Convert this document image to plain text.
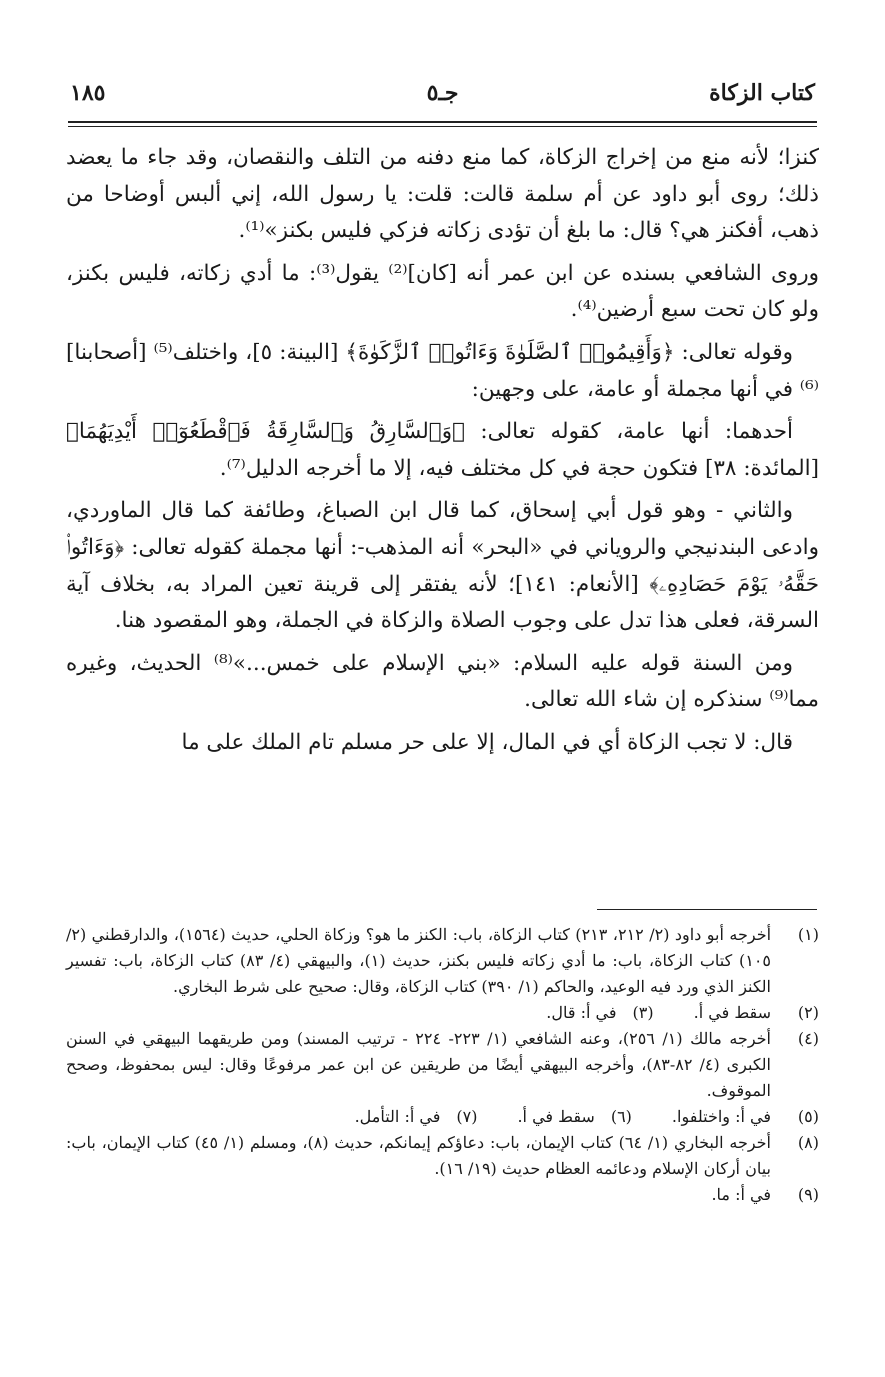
كتاب الزكاة
جـ٥
١٨٥

كنزا؛ لأنه منع من إخراج الزكاة، كما منع دفنه من التلف والنقصان، وقد جاء ما يعضد ذلك؛ روى أبو داود عن أم سلمة قالت: قلت: يا رسول الله، إني ألبس أوضاحا من ذهب، أفكنز هي؟ قال: ما بلغ أن تؤدى زكاته فزكي فليس بكنز»⁽¹⁾.

وروى الشافعي بسنده عن ابن عمر أنه [كان]⁽²⁾ يقول⁽³⁾: ما أدي زكاته، فليس بكنز، ولو كان تحت سبع أرضين⁽⁴⁾.

وقوله تعالى: ﴿وَأَقِيمُوا۟ ٱلصَّلَوٰةَ وَءَاتُوا۟ ٱلزَّكَوٰةَ﴾ [البينة: ٥]، واختلف⁽⁵⁾ [أصحابنا]⁽⁶⁾ في أنها مجملة أو عامة، على وجهين:

أحدهما: أنها عامة، كقوله تعالى: ﴿وَٱلسَّارِقُ وَٱلسَّارِقَةُ فَٱقْطَعُوٓا۟ أَيْدِيَهُمَا﴾ [المائدة: ٣٨] فتكون حجة في كل مختلف فيه، إلا ما أخرجه الدليل⁽⁷⁾.

والثاني - وهو قول أبي إسحاق، كما قال ابن الصباغ، وطائفة كما قال الماوردي، وادعى البندنيجي والروياني في «البحر» أنه المذهب-: أنها مجملة كقوله تعالى: ﴿وَءَاتُوا۟ حَقَّهُۥ يَوْمَ حَصَادِهِۦ﴾ [الأنعام: ١٤١]؛ لأنه يفتقر إلى قرينة تعين المراد به، بخلاف آية السرقة، فعلى هذا تدل على وجوب الصلاة والزكاة في الجملة، وهو المقصود هنا.

ومن السنة قوله عليه السلام: «بني الإسلام على خمس...»⁽⁸⁾ الحديث، وغيره مما⁽⁹⁾ سنذكره إن شاء الله تعالى.

قال: لا تجب الزكاة أي في المال، إلا على حر مسلم تام الملك على ما

(١)
أخرجه أبو داود (٢/ ٢١٢، ٢١٣) كتاب الزكاة، باب: الكنز ما هو؟ وزكاة الحلي، حديث (١٥٦٤)، والدارقطني (٢/ ١٠٥) كتاب الزكاة، باب: ما أدي زكاته فليس بكنز، حديث (١)، والبيهقي (٤/ ٨٣) كتاب الزكاة، باب: تفسير الكنز الذي ورد فيه الوعيد، والحاكم (١/ ٣٩٠) كتاب الزكاة، وقال: صحيح على شرط البخاري.

(٢)
سقط في أ.
(٣)في أ: قال.

(٤)
أخرجه مالك (١/ ٢٥٦)، وعنه الشافعي (١/ ٢٢٣- ٢٢٤ - ترتيب المسند) ومن طريقهما البيهقي في السنن الكبرى (٤/ ٨٢-٨٣)، وأخرجه البيهقي أيضًا من طريقين عن ابن عمر مرفوعًا وقال: ليس بمحفوظ، وصحح الموقوف.

(٥)
في أ: واختلفوا.
(٦)سقط في أ.
(٧)في أ: التأمل.

(٨)
أخرجه البخاري (١/ ٦٤) كتاب الإيمان، باب: دعاؤكم إيمانكم، حديث (٨)، ومسلم (١/ ٤٥) كتاب الإيمان، باب: بيان أركان الإسلام ودعائمه العظام حديث (١٩/ ١٦).

(٩)
في أ: ما.
